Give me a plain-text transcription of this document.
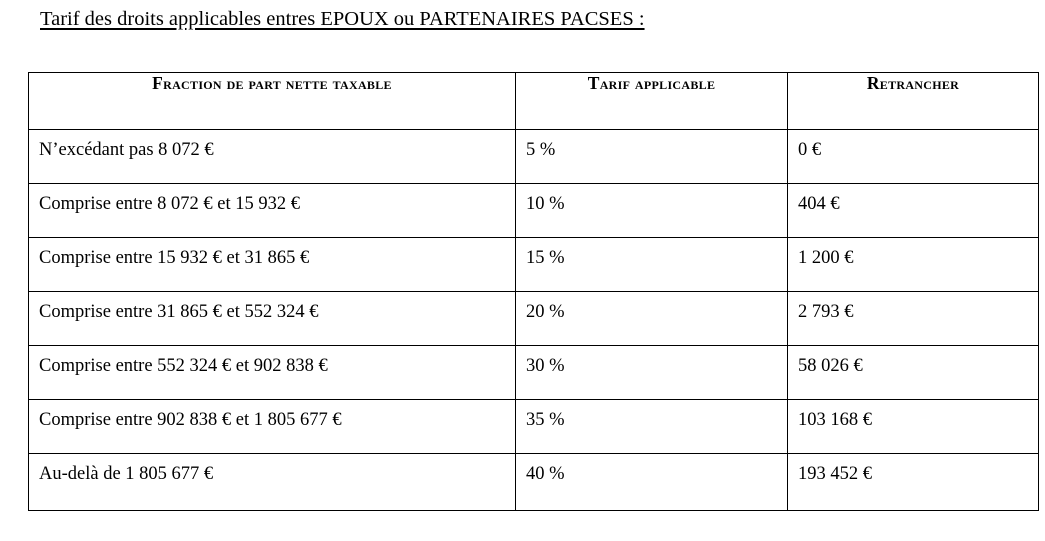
Tarif des droits applicables entres EPOUX ou PARTENAIRES PACSES :
Fraction de part nette taxable	Tarif applicable	Retrancher

N’excédant pas 8 072 €	5 %	0 €

Comprise entre 8 072 € et 15 932 €	10 %	404 €

Comprise entre 15 932 € et 31 865 €	15 %	1 200 €

Comprise entre 31 865 € et 552 324 €	20 %	2 793 €

Comprise entre 552 324 € et 902 838 €	30 %	58 026 €

Comprise entre 902 838 € et 1 805 677 €	35 %	103 168 €

Au-delà de 1 805 677 €	40 %	193 452 €
